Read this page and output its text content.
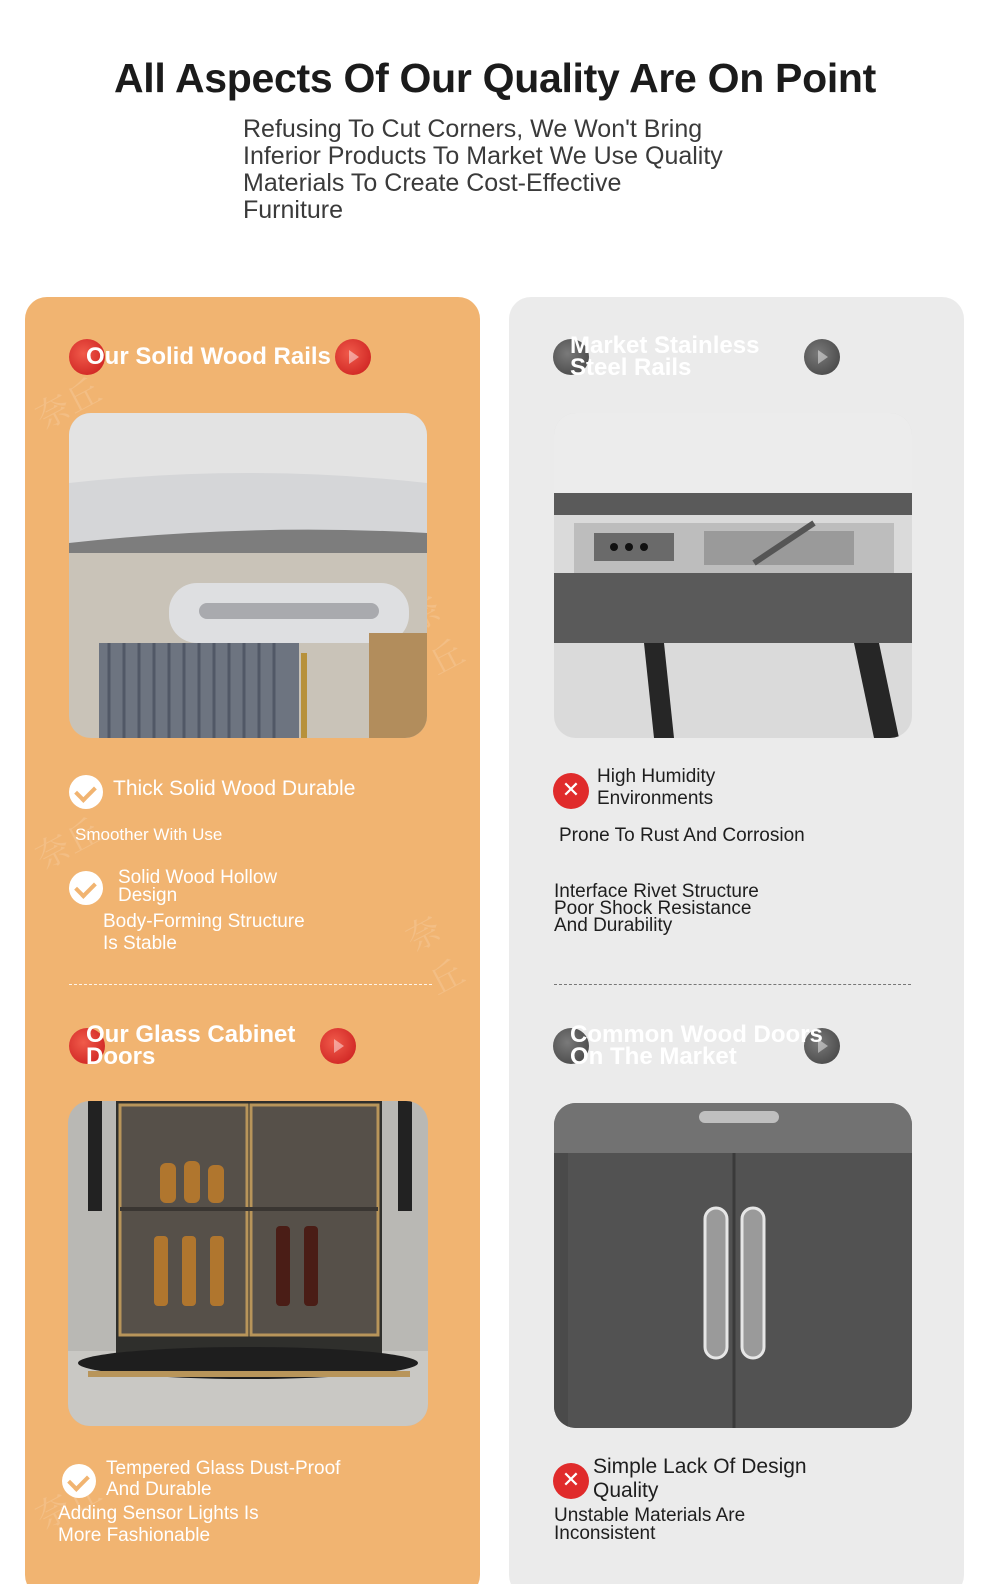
All Aspects Of Our Quality Are On Point
Refusing To Cut Corners, We Won't Bring
Inferior Products To Market We Use Quality
Materials To Create Cost-Effective
Furniture
奈丘
奈丘
奈丘
奈丘
奈丘
Our Solid Wood Rails
Thick Solid Wood Durable
Smoother With Use
Solid Wood Hollow
Design
Body-Forming Structure
Is Stable
Our Glass Cabinet
Doors
Tempered Glass Dust-Proof
And Durable
Adding Sensor Lights Is
More Fashionable
Market Stainless
Steel Rails
✕
High Humidity
Environments
Prone To Rust And Corrosion
Interface Rivet Structure
Poor Shock Resistance
And Durability
Common Wood Doors
On The Market
✕
Simple Lack Of Design
Quality
Unstable Materials Are
Inconsistent
